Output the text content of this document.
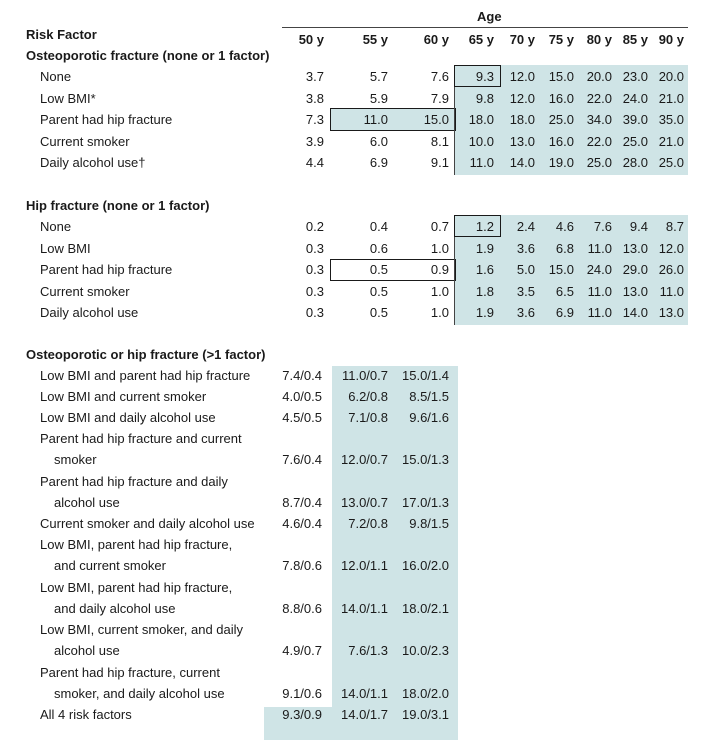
Age
Risk Factor	50 y	55 y	60 y	65 y	70 y	75 y 80 y 85 y 90 y
Osteoporotic fracture (none or 1 factor)
None	3.7	5.7	7.6	9.3	12.0	15.0 20.0 23.0 20.0
Low BMI*	3.8	5.9	7.9	9.8	12.0	16.0 22.0 24.0 21.0
Parent had hip fracture	7.3	11.0	15.0	18.0	18.0	25.0 34.0 39.0 35.0
Current smoker	3.9	6.0	8.1	10.0	13.0	16.0 22.0 25.0 21.0
Daily alcohol use†	4.4	6.9	9.1	11.0	14.0	19.0 25.0 28.0 25.0
Hip fracture (none or 1 factor)
None	0.2	0.4	0.7	1.2	2.4	4.6	7.6	9.4	8.7
Low BMI	0.3	0.6	1.0	1.9	3.6	6.8	11.0 13.0 12.0
Parent had hip fracture	0.3	0.5	0.9	1.6	5.0	15.0 24.0 29.0 26.0
Current smoker	0.3	0.5	1.0	1.8	3.5	6.5	11.0 13.0 11.0
Daily alcohol use	0.3	0.5	1.0	1.9	3.6	6.9	11.0 14.0 13.0
Osteoporotic or hip fracture (>1 factor)
Low BMI and parent had hip fracture	7.4/0.4	11.0/0.7	15.0/1.4
Low BMI and current smoker	4.0/0.5	6.2/0.8	8.5/1.5
Low BMI and daily alcohol use	4.5/0.5	7.1/0.8	9.6/1.6
Parent had hip fracture and current
smoker	7.6/0.4	12.0/0.7	15.0/1.3
Parent had hip fracture and daily
alcohol use	8.7/0.4	13.0/0.7	17.0/1.3
Current smoker and daily alcohol use	4.6/0.4	7.2/0.8	9.8/1.5
Low BMI, parent had hip fracture,
and current smoker	7.8/0.6	12.0/1.1	16.0/2.0
Low BMI, parent had hip fracture,
and daily alcohol use	8.8/0.6	14.0/1.1	18.0/2.1
Low BMI, current smoker, and daily
alcohol use	4.9/0.7	7.6/1.3	10.0/2.3
Parent had hip fracture, current
smoker, and daily alcohol use	9.1/0.6	14.0/1.1	18.0/2.0
All 4 risk factors	9.3/0.9	14.0/1.7	19.0/3.1
